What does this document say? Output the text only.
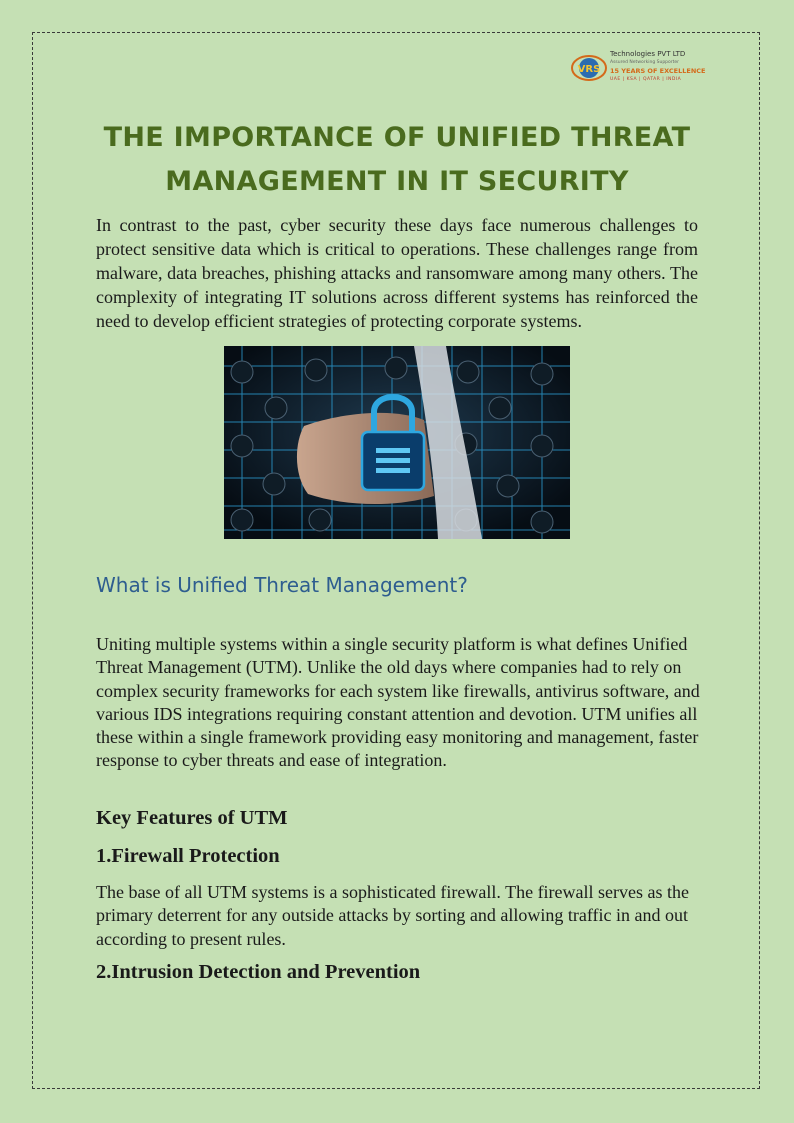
VRS
Technologies PVT LTD
Assured Networking Supporter
15 YEARS OF EXCELLENCE
UAE | KSA | QATAR | INDIA
THE IMPORTANCE OF UNIFIED THREAT MANAGEMENT IN IT SECURITY

In contrast to the past, cyber security these days face numerous challenges to protect sensitive data which is critical to operations. These challenges range from malware, data breaches, phishing attacks and ransomware among many others. The complexity of integrating IT solutions across different systems has reinforced the need to develop efficient strategies of protecting corporate systems.

What is Unified Threat Management?

Uniting multiple systems within a single security platform is what defines Unified Threat Management (UTM). Unlike the old days where companies had to rely on complex security frameworks for each system like firewalls, antivirus software, and various IDS integrations requiring constant attention and devotion. UTM unifies all these within a single framework providing easy monitoring and management, faster response to cyber threats and ease of integration.

Key Features of UTM
1.Firewall Protection

The base of all UTM systems is a sophisticated firewall. The firewall serves as the primary deterrent for any outside attacks by sorting and allowing traffic in and out according to present rules.

2.Intrusion Detection and Prevention
